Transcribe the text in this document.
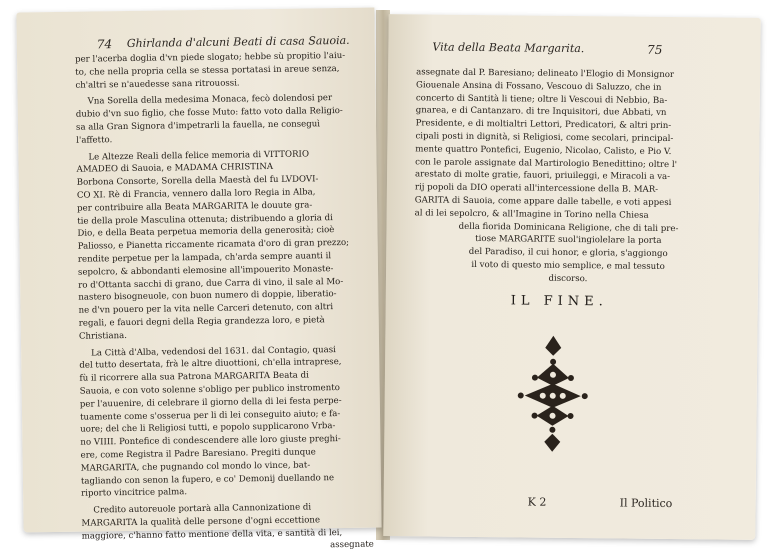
74 Ghirlanda d'alcuni Beati di casa Sauoia.
per l'acerba doglia d'vn piede slogato; hebbe sù propitio l'aiu-
to, che nella propria cella se stessa portatasi in areue senza,
ch'altri se n'auedesse sana ritrouossi.
Vna Sorella della medesima Monaca, fecò dolendosi per
dubio d'vn suo figlio, che fosse Muto: fatto voto dalla Religio-
sa alla Gran Signora d'impetrarli la fauella, ne conseguì
l'affetto.
Le Altezze Reali della felice memoria di VITTORIO
AMADEO di Sauoia, e MADAMA CHRISTINA
Borbona Consorte, Sorella della Maestà del fu LVDOVI-
CO XI. Rè di Francia, vennero dalla loro Regia in Alba,
per contribuire alla Beata MARGARITA le douute gra-
tie della prole Masculina ottenuta; distribuendo a gloria di
Dio, e della Beata perpetua memoria della generosità; cioè
Paliosso, e Pianetta riccamente ricamata d'oro di gran prezzo;
rendite perpetue per la lampada, ch'arda sempre auanti il
sepolcro, & abbondanti elemosine all'impouerito Monaste-
ro d'Ottanta sacchi di grano, due Carra di vino, il sale al Mo-
nastero bisogneuole, con buon numero di doppie, liberatio-
ne d'vn pouero per la vita nelle Carceri detenuto, con altri
regali, e fauori degni della Regia grandezza loro, e pietà
Christiana.
La Città d'Alba, vedendosi del 1631. dal Contagio, quasi
del tutto desertata, frà le altre diuottioni, ch'ella intraprese,
fù il ricorrere alla sua Patrona MARGARITA Beata di
Sauoia, e con voto solenne s'obligo per publico instromento
per l'auuenire, di celebrare il giorno della di lei festa perpe-
tuamente come s'osserua per li di lei conseguito aiuto; e fa-
uore; del che li Religiosi tutti, e popolo supplicarono Vrba-
no VIIII. Pontefice di condescendere alle loro giuste preghi-
ere, come Registra il Padre Baresiano. Pregiti dunque
MARGARITA, che pugnando col mondo lo vince, bat-
tagliando con senon la fupero, e co' Demonij duellando ne
riporto vincitrice palma.
Credito autoreuole portarà alla Cannonizatione di
MARGARITA la qualità delle persone d'ogni eccettione
maggiore, c'hanno fatto mentione della vita, e santità di lei,
assegnate
Vita della Beata Margarita.	75
assegnate dal P. Baresiano; delineato l'Elogio di Monsignor
Giouenale Ansina di Fossano, Vescouo di Saluzzo, che in
concerto di Santità li tiene; oltre li Vescoui di Nebbio, Ba-
gnarea, e di Cantanzaro. di tre Inquisitori, due Abbati, vn
Presidente, e di moltialtri Lettori, Predicatori, & altri prin-
cipali posti in dignità, si Religiosi, come secolari, principal-
mente quattro Pontefici, Eugenio, Nicolao, Calisto, e Pio V.
con le parole assignate dal Martirologio Benedittino; oltre l'
arestato di molte gratie, fauori, priuileggi, e Miracoli a va-
rij popoli da DIO operati all'intercessione della B. MAR-
GARITA di Sauoia, come appare dalle tabelle, e voti appesi
al di lei sepolcro, & all'Imagine in Torino nella Chiesa
della fiorida Dominicana Religione, che di tali pre-
tiose MARGARITE suol'ingiolelare la porta
del Paradiso, il cui honor, e gloria, s'aggiongo
il voto di questo mio semplice, e mal tessuto
discorso.
IL FINE.
K 2	Il Politico
